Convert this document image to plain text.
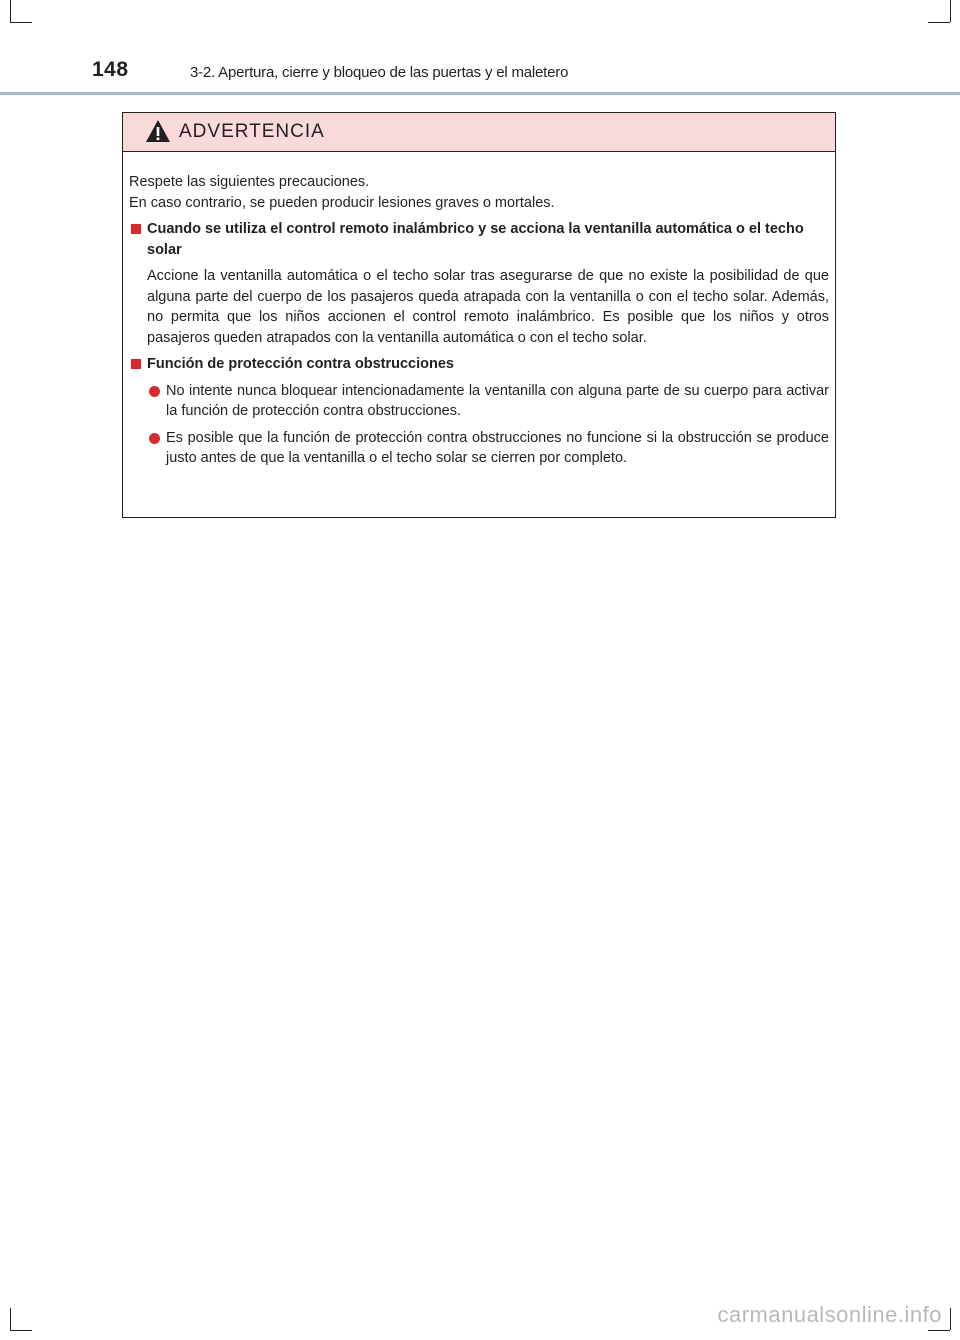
148	3-2. Apertura, cierre y bloqueo de las puertas y el maletero
ADVERTENCIA

Respete las siguientes precauciones.

En caso contrario, se pueden producir lesiones graves o mortales.

Cuando se utiliza el control remoto inalámbrico y se acciona la ventanilla automática o el techo solar
Accione la ventanilla automática o el techo solar tras asegurarse de que no existe la posibilidad de que alguna parte del cuerpo de los pasajeros queda atrapada con la ventanilla o con el techo solar. Además, no permita que los niños accionen el control remoto inalámbrico. Es posible que los niños y otros pasajeros queden atrapados con la ventanilla automática o con el techo solar.
Función de protección contra obstrucciones
No intente nunca bloquear intencionadamente la ventanilla con alguna parte de su cuerpo para activar la función de protección contra obstrucciones.
Es posible que la función de protección contra obstrucciones no funcione si la obstrucción se produce justo antes de que la ventanilla o el techo solar se cierren por completo.
carmanualsonline.info
